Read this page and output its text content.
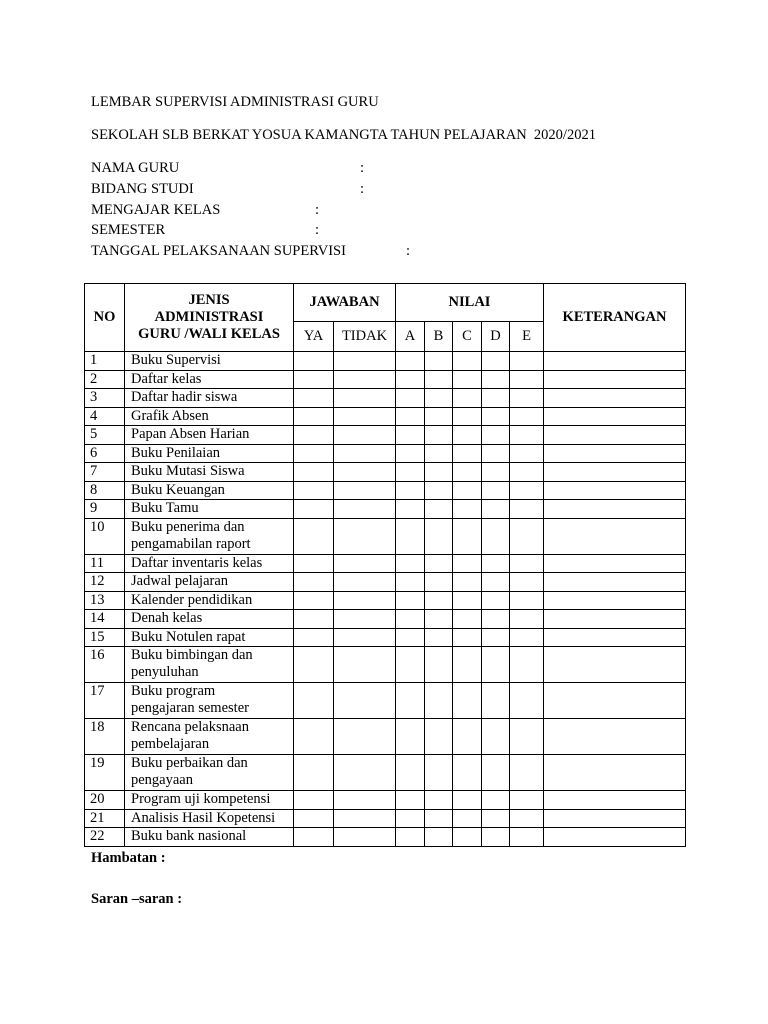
LEMBAR SUPERVISI ADMINISTRASI GURU
SEKOLAH SLB BERKAT YOSUA KAMANGTA TAHUN PELAJARAN  2020/2021
NAMA GURU	:
BIDANG STUDI	:
MENGAJAR KELAS	:
SEMESTER	:
TANGGAL PELAKSANAAN SUPERVISI	:
NO	JENIS
ADMINISTRASI
GURU /WALI KELAS	JAWABAN		NILAI					KETERANGAN
		YA	TIDAK	A	B	C	D	E	
1	Buku Supervisi								
2	Daftar kelas								
3	Daftar hadir siswa								
4	Grafik Absen								
5	Papan Absen Harian								
6	Buku Penilaian								
7	Buku Mutasi Siswa								
8	Buku Keuangan								
9	Buku Tamu								
10	Buku penerima dan
pengamabilan raport								

11	Daftar inventaris kelas								
12	Jadwal pelajaran								
13	Kalender pendidikan								
14	Denah kelas								
15	Buku Notulen rapat								
16	Buku bimbingan dan
penyuluhan								

17	Buku program
pengajaran semester								

18	Rencana pelaksnaan
pembelajaran								

19	Buku perbaikan dan
pengayaan								

20	Program uji kompetensi								
21	Analisis Hasil Kopetensi								
22	Buku bank nasional								
Hambatan :
Saran –saran :
